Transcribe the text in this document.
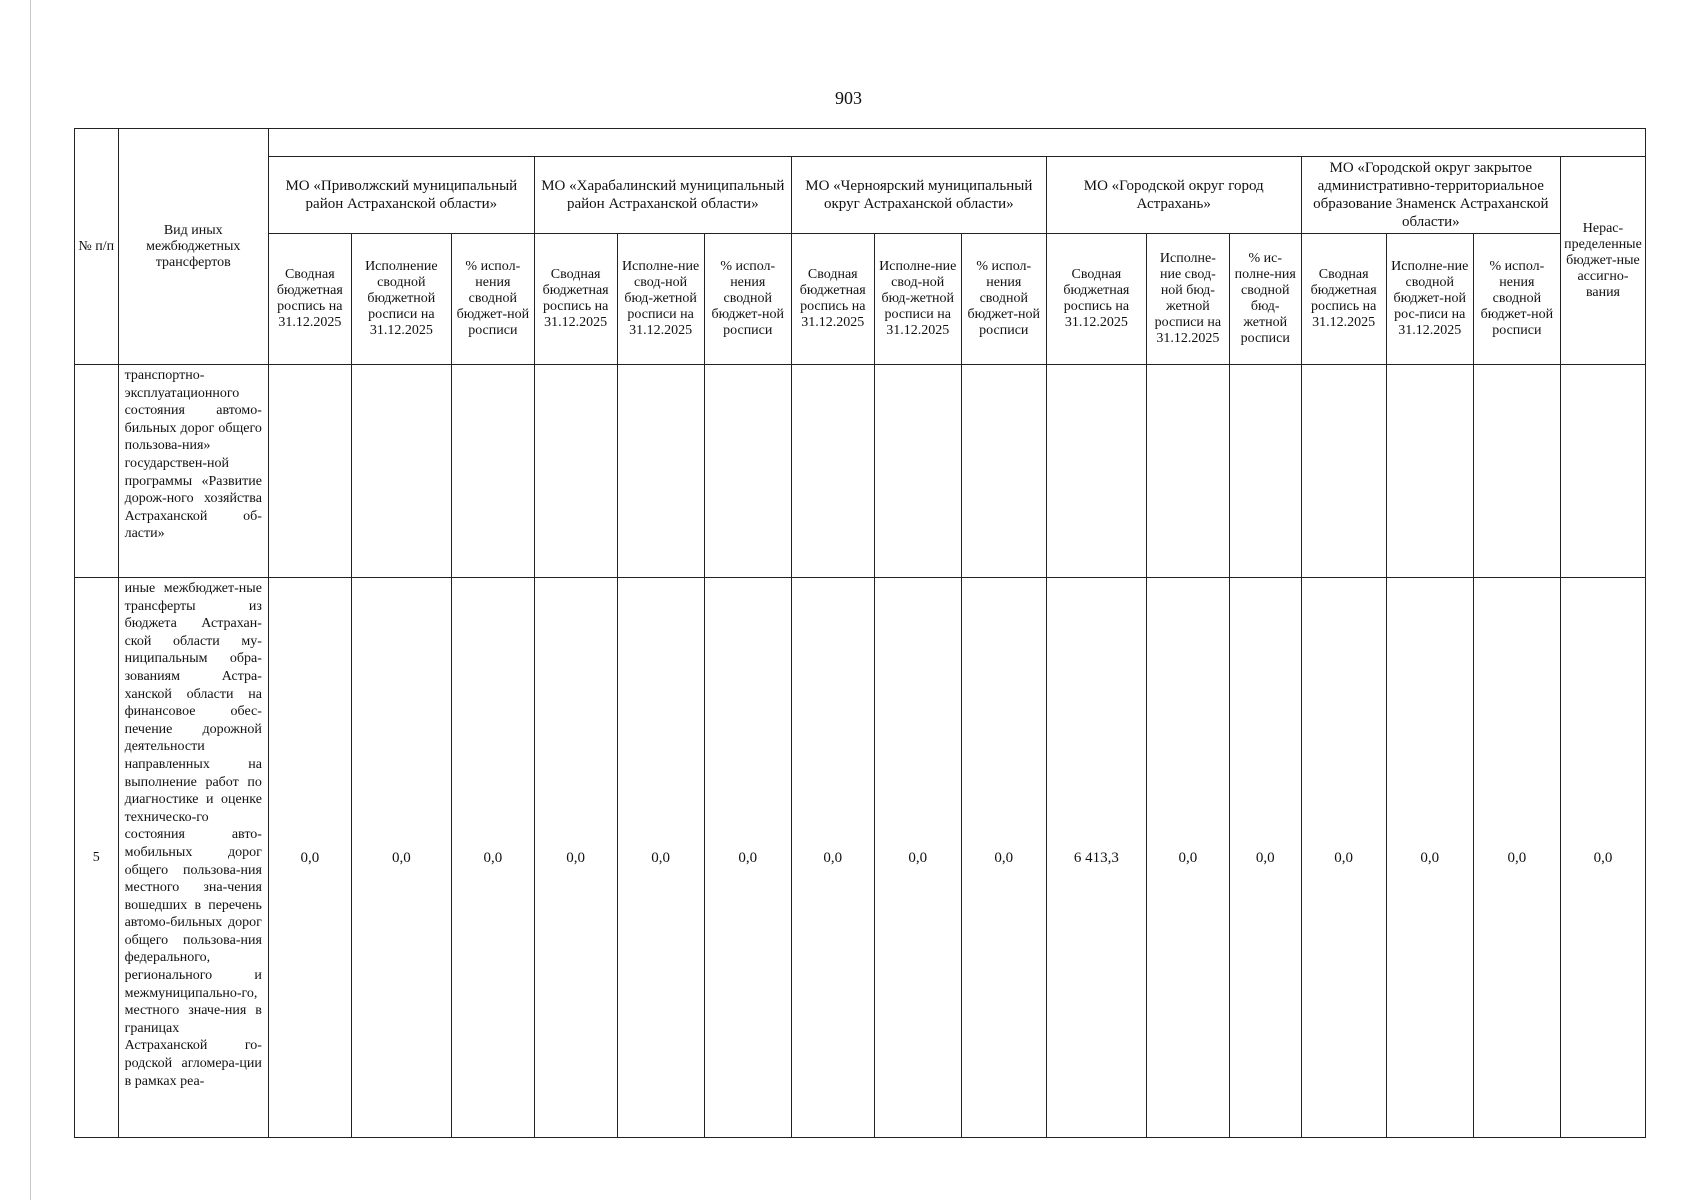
903
№ п/п	Вид иных межбюджетных трансфертов																
		МО «Приволжский муниципальный район Астраханской области»			МО «Харабалинский муниципальный район Астраханской области»			МО «Черноярский муниципальный округ Астраханской области»			МО «Городской округ город Астрахань»			МО «Городской округ закрытое административно-территориальное образование Знаменск Астраханской области»			Нерас-пределенные бюджет-ные ассигно-вания
		Сводная бюджетная роспись на 31.12.2025	Исполнение сводной бюджетной росписи на 31.12.2025	% испол-нения сводной бюджет-ной росписи	Сводная бюджетная роспись на 31.12.2025	Исполне-ние свод-ной бюд-жетной росписи на 31.12.2025	% испол-нения сводной бюджет-ной росписи	Сводная бюджетная роспись на 31.12.2025	Исполне-ние свод-ной бюд-жетной росписи на 31.12.2025	% испол-нения сводной бюджет-ной росписи	Сводная бюджетная роспись на 31.12.2025	Исполне-ние свод-ной бюд-жетной росписи на 31.12.2025	% ис-полне-ния сводной бюд-жетной росписи	Сводная бюджетная роспись на 31.12.2025	Исполне-ние сводной бюджет-ной рос-писи на 31.12.2025	% испол-нения сводной бюджет-ной росписи	
	транспортно-эксплуатационного состояния автомо-бильных дорог общего пользова-ния» государствен-ной программы «Развитие дорож-ного хозяйства Астраханской об-ласти»																
5	иные межбюджет-ные трансферты из бюджета Астрахан-ской области му-ниципальным обра-зованиям Астра-ханской области на финансовое обес-печение дорожной деятельности направленных на выполнение работ по диагностике и оценке техническо-го состояния авто-мобильных дорог общего пользова-ния местного зна-чения вошедших в перечень автомо-бильных дорог общего пользова-ния федерального, регионального и межмуниципально-го, местного значе-ния в границах Астраханской го-родской агломера-ции в рамках реа-	0,0	0,0	0,0	0,0	0,0	0,0	0,0	0,0	0,0	6 413,3	0,0	0,0	0,0	0,0	0,0	0,0
